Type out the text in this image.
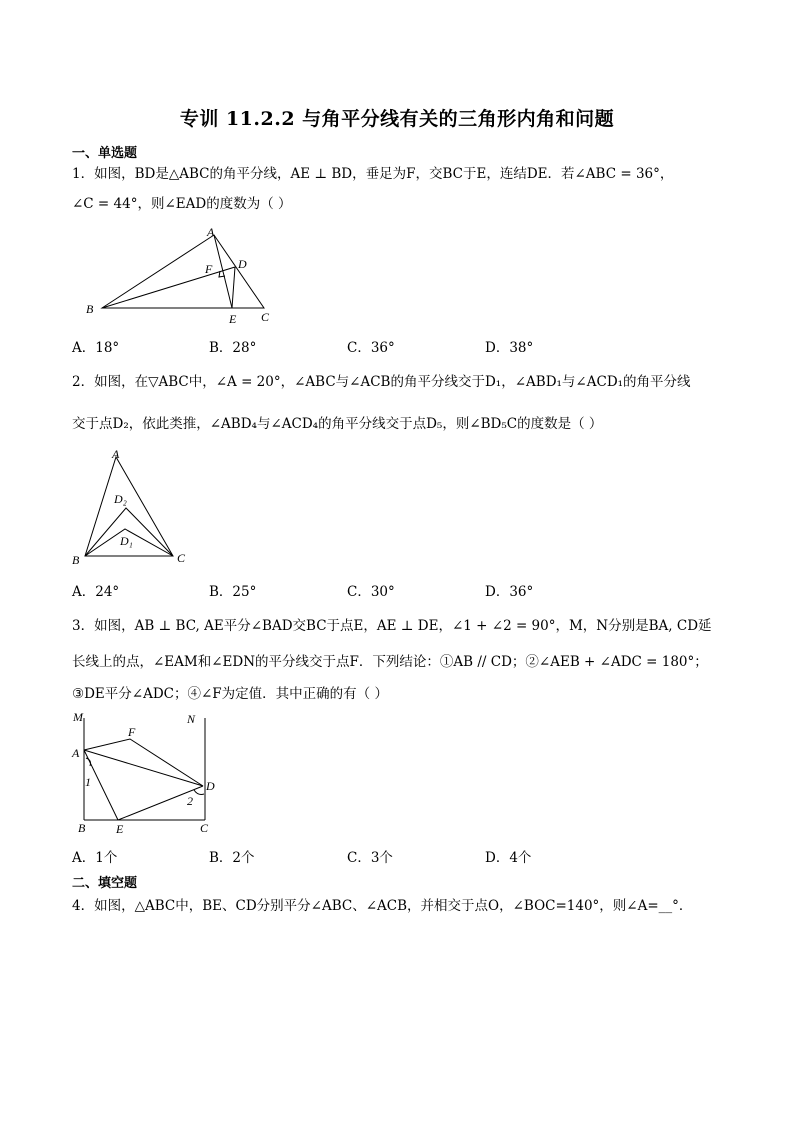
专训 11.2.2 与角平分线有关的三角形内角和问题
一、单选题
1．如图，BD是△ABC的角平分线，AE ⊥ BD，垂足为F，交BC于E，连结DE．若∠ABC = 36°，
∠C = 44°，则∠EAD的度数为（ ）
A
B
C
D
E
F
A．18°	B．28°	C．36°	D．38°
2．如图，在▽ABC中，∠A = 20°，∠ABC与∠ACB的角平分线交于D₁，∠ABD₁与∠ACD₁的角平分线
交于点D₂，依此类推，∠ABD₄与∠ACD₄的角平分线交于点D₅，则∠BD₅C的度数是（ ）
A
B	C
D₂
D₁
A．24°	B．25°	C．30°	D．36°
3．如图，AB ⊥ BC, AE平分∠BAD交BC于点E，AE ⊥ DE，∠1 + ∠2 = 90°，M，N分别是BA, CD延
长线上的点，∠EAM和∠EDN的平分线交于点F．下列结论：①AB // CD；②∠AEB + ∠ADC = 180°；
③DE平分∠ADC；④∠F为定值．其中正确的有（ ）
M	N
A
F
D
B	E	C
1
2
A．1个	B．2个	C．3个	D．4个
二、填空题
4．如图，△ABC中，BE、CD分别平分∠ABC、∠ACB，并相交于点O，∠BOC=140°，则∠A=__°．
